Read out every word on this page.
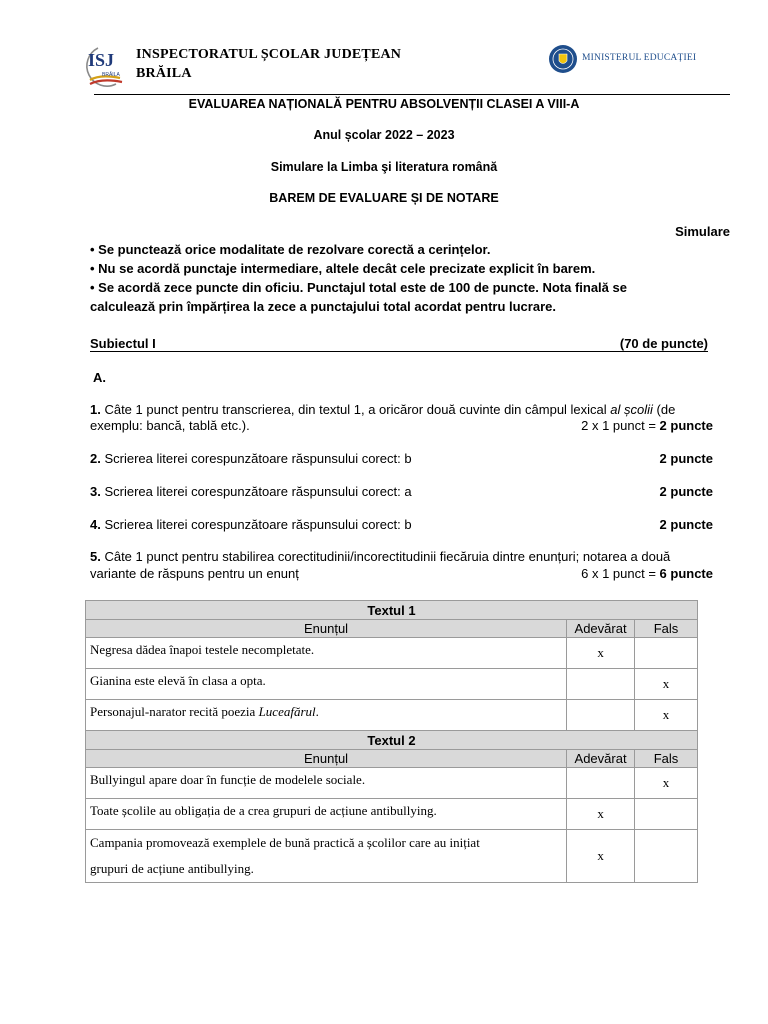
ISJ
BRĂILA
INSPECTORATUL ȘCOLAR JUDEȚEAN
BRĂILA
MINISTERUL EDUCAȚIEI
EVALUAREA NAȚIONALĂ PENTRU ABSOLVENȚII CLASEI A VIII-A
Anul școlar 2022 – 2023
Simulare la Limba şi literatura română
BAREM DE EVALUARE ȘI DE NOTARE
Simulare
• Se punctează orice modalitate de rezolvare corectă a cerințelor.
• Nu se acordă punctaje intermediare, altele decât cele precizate explicit în barem.
• Se acordă zece puncte din oficiu. Punctajul total este de 100 de puncte. Nota finală se
calculează prin împărțirea la zece a punctajului total acordat pentru lucrare.
Subiectul I	(70 de puncte)
A.
1. Câte 1 punct pentru transcrierea, din textul 1, a oricăror două cuvinte din câmpul lexical al școlii (de
exemplu: bancă, tablă etc.).	2 x 1 punct = 2 puncte
2. Scrierea literei corespunzătoare răspunsului corect: b	2 puncte
3. Scrierea literei corespunzătoare răspunsului corect: a	2 puncte
4. Scrierea literei corespunzătoare răspunsului corect: b	2 puncte
5. Câte 1 punct pentru stabilirea corectitudinii/incorectitudinii fiecăruia dintre enunțuri; notarea a două
variante de răspuns pentru un enunț	6 x 1 punct = 6 puncte
Textul 1		
Enunțul	Adevărat	Fals
Negresa dădea înapoi testele necompletate.	x	
Gianina este elevă în clasa a opta.		x
Personajul-narator recită poezia Luceafărul.		x
Textul 2		
Enunțul	Adevărat	Fals
Bullyingul apare doar în funcție de modelele sociale.		x
Toate școlile au obligația de a crea grupuri de acțiune antibullying.	x	

Campania promovează exemplele de bună practică a școlilor care au inițiat
grupuri de acțiune antibullying.	x	
